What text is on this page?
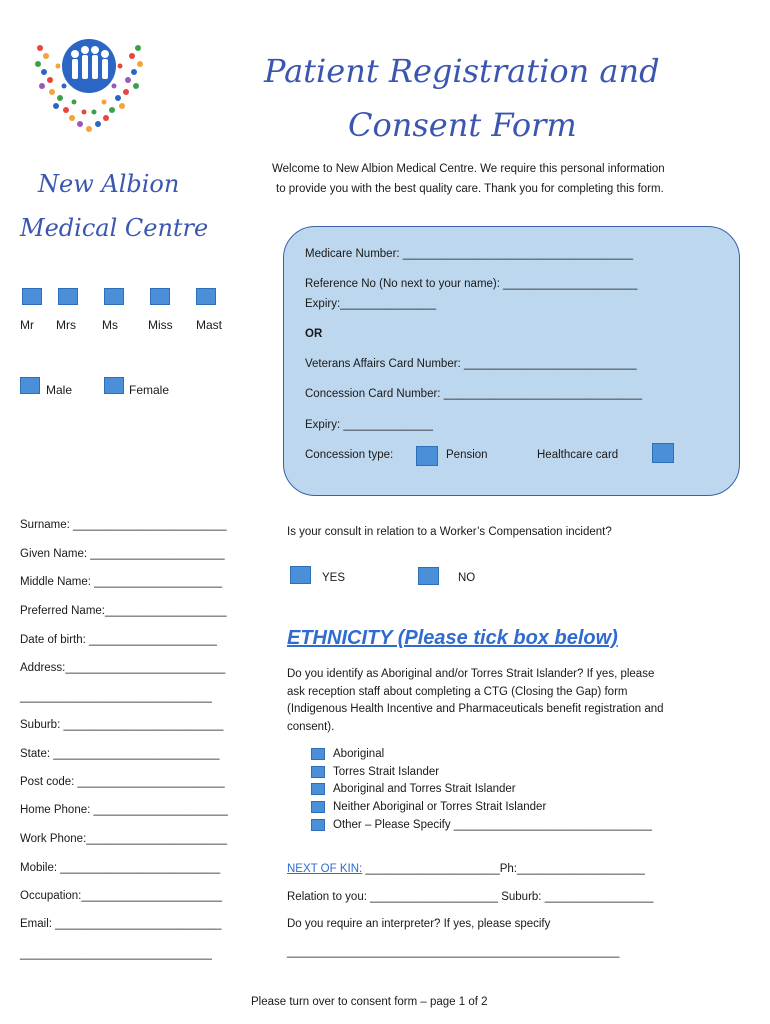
Patient Registration and
Consent Form
New Albion
Medical Centre
Welcome to New Albion Medical Centre. We require this personal information
to provide you with the best quality care. Thank you for completing this form.
Mr Mrs Ms	Miss Mast
Male	Female
Medicare Number: ____________________________________
Reference No (No next to your name): _____________________
Expiry:_______________
OR
Veterans Affairs Card Number: ___________________________
Concession Card Number: _______________________________
Expiry: ______________
Concession type:	Pension	Healthcare card
Surname: ________________________
Given Name: _____________________
Middle Name: ____________________
Preferred Name:___________________
Date of birth: ____________________
Address:_________________________
______________________________
Suburb: _________________________
State: __________________________
Post code: _______________________
Home Phone: _____________________
Work Phone:______________________
Mobile: _________________________
Occupation:______________________
Email: __________________________
______________________________
Is your consult in relation to a Worker’s Compensation incident?
YES	NO
ETHNICITY (Please tick box below)
Do you identify as Aboriginal and/or Torres Strait Islander? If yes, please
ask reception staff about completing a CTG (Closing the Gap) form
(Indigenous Health Incentive and Pharmaceuticals benefit registration and
consent).
Aboriginal
Torres Strait Islander
Aboriginal and Torres Strait Islander
Neither Aboriginal or Torres Strait Islander
Other – Please Specify _______________________________
NEXT OF KIN: _____________________Ph:____________________
Relation to you: ____________________ Suburb: _________________
Do you require an interpreter? If yes, please specify
____________________________________________________
Please turn over to consent form – page 1 of 2
